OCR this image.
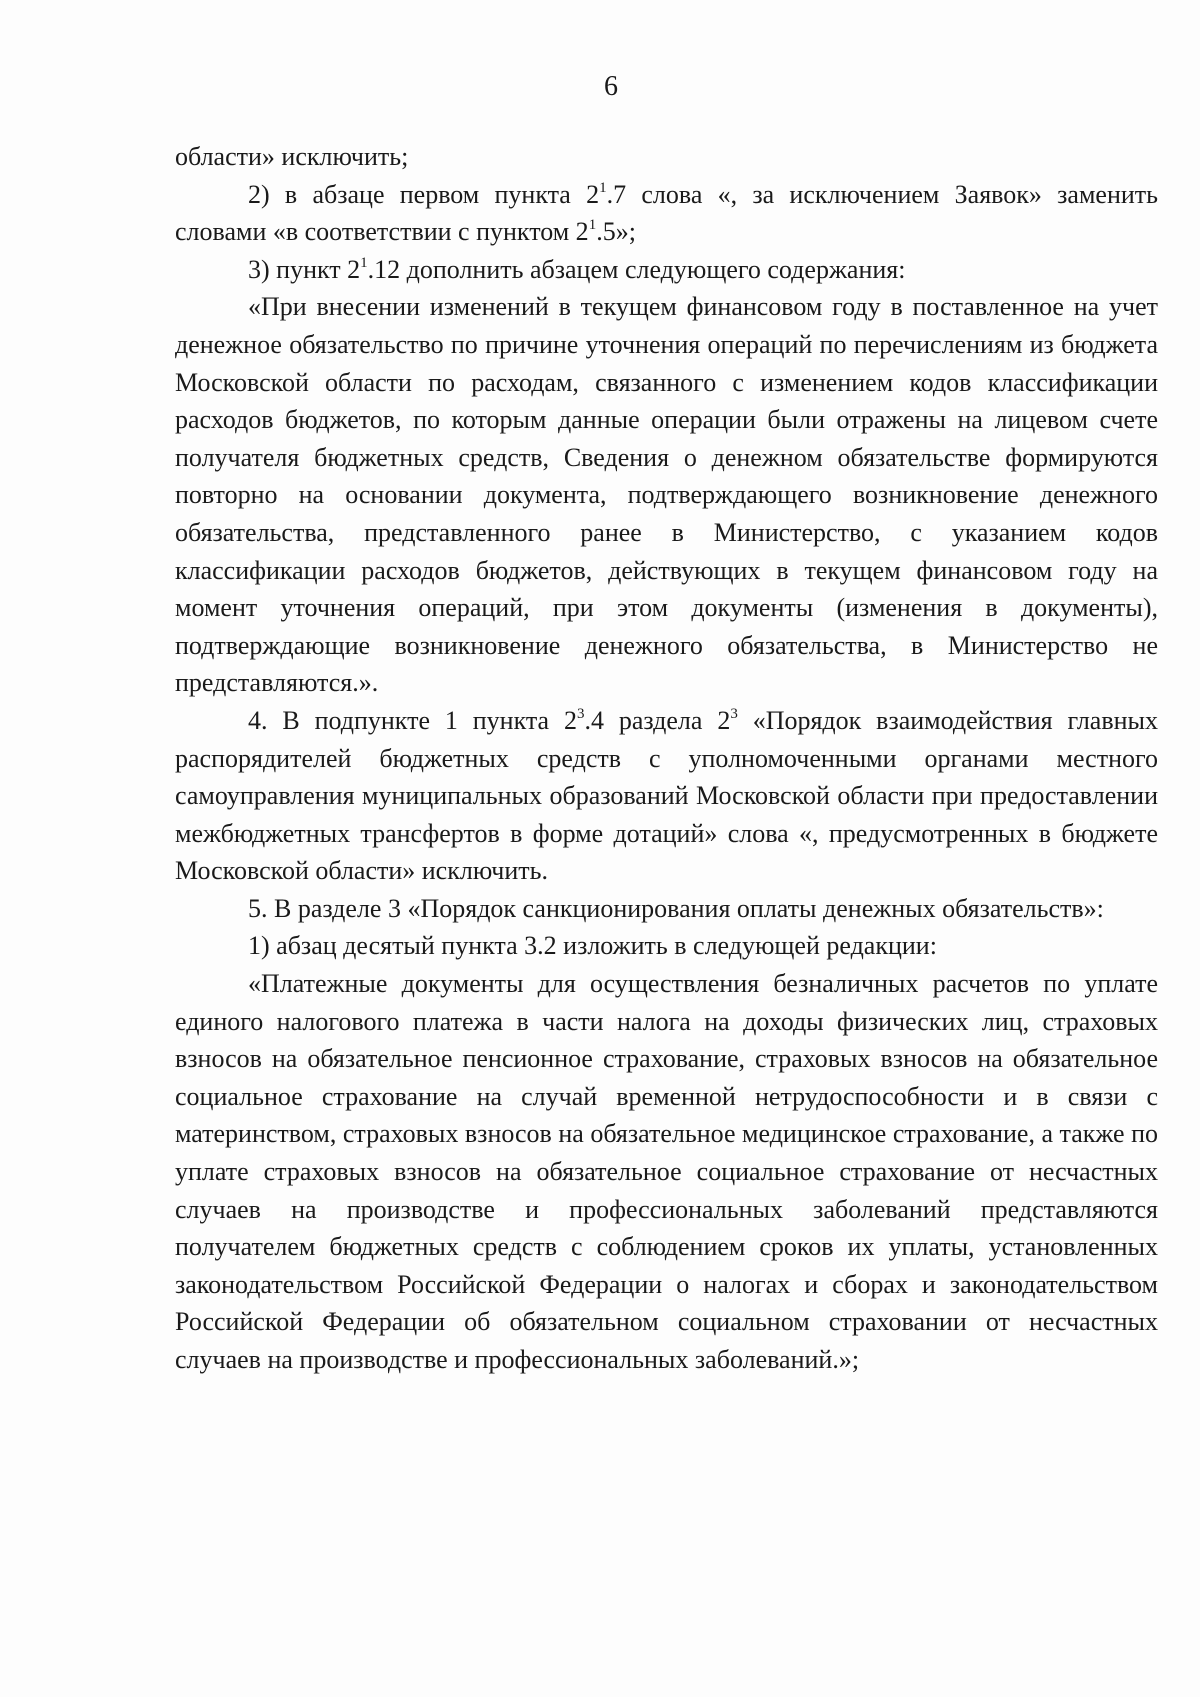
6

области» исключить;

2) в абзаце первом пункта $2^1.7$ слова «, за исключением Заявок» заменить словами «в соответствии с пунктом $2^1.5$»;

3) пункт $2^1.12$ дополнить абзацем следующего содержания:

«При внесении изменений в текущем финансовом году в поставленное на учет денежное обязательство по причине уточнения операций по перечислениям из бюджета Московской области по расходам, связанного с изменением кодов классификации расходов бюджетов, по которым данные операции были отражены на лицевом счете получателя бюджетных средств, Сведения о денежном обязательстве формируются повторно на основании документа, подтверждающего возникновение денежного обязательства, представленного ранее в Министерство, с указанием кодов классификации расходов бюджетов, действующих в текущем финансовом году на момент уточнения операций, при этом документы (изменения в документы), подтверждающие возникновение денежного обязательства, в Министерство не представляются.».

4. В подпункте 1 пункта $2^3.4$ раздела $2^3$ «Порядок взаимодействия главных распорядителей бюджетных средств с уполномоченными органами местного самоуправления муниципальных образований Московской области при предоставлении межбюджетных трансфертов в форме дотаций» слова «, предусмотренных в бюджете Московской области» исключить.

5. В разделе 3 «Порядок санкционирования оплаты денежных обязательств»:

1) абзац десятый пункта 3.2 изложить в следующей редакции:

«Платежные документы для осуществления безналичных расчетов по уплате единого налогового платежа в части налога на доходы физических лиц, страховых взносов на обязательное пенсионное страхование, страховых взносов на обязательное социальное страхование на случай временной нетрудоспособности и в связи с материнством, страховых взносов на обязательное медицинское страхование, а также по уплате страховых взносов на обязательное социальное страхование от несчастных случаев на производстве и профессиональных заболеваний представляются получателем бюджетных средств с соблюдением сроков их уплаты, установленных законодательством Российской Федерации о налогах и сборах и законодательством Российской Федерации об обязательном социальном страховании от несчастных случаев на производстве и профессиональных заболеваний.»;
